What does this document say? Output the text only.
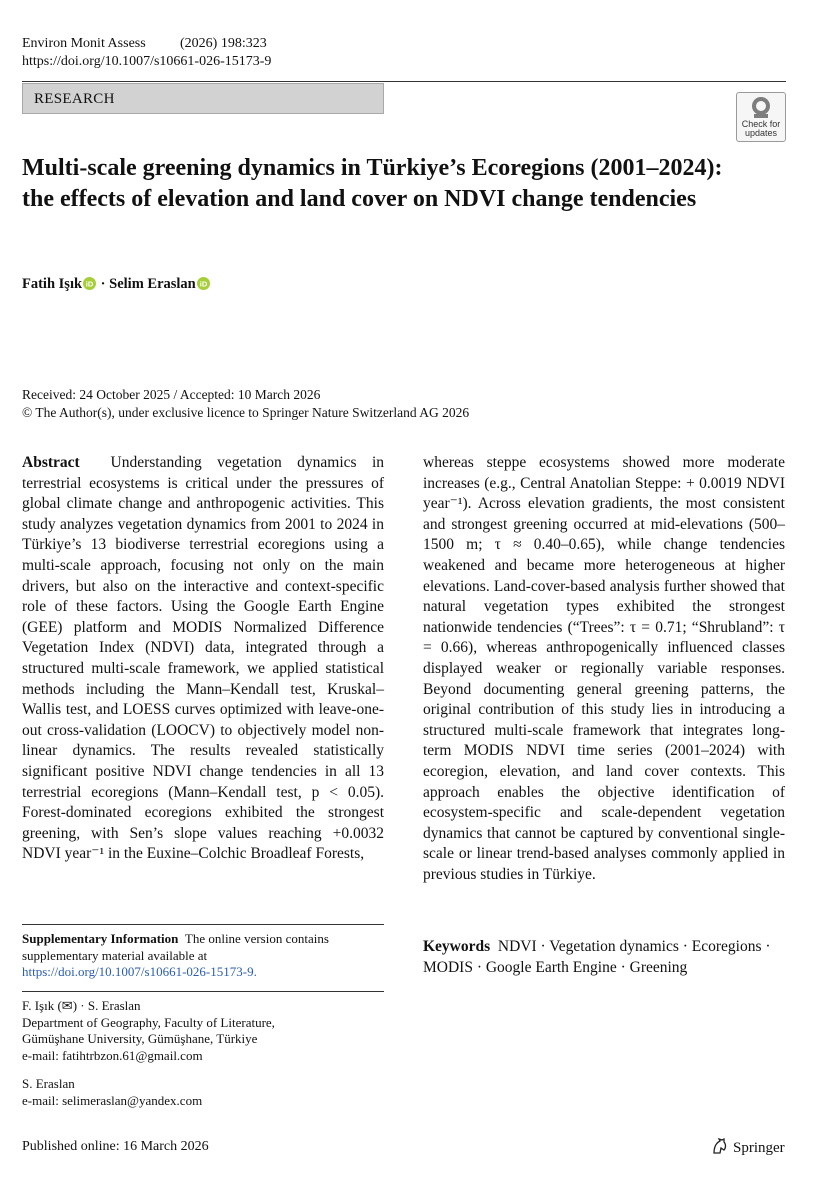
Environ Monit Assess (2026) 198:323
https://doi.org/10.1007/s10661-026-15173-9
RESEARCH
Check for
updates
Multi-scale greening dynamics in Türkiye’s Ecoregions (2001–2024): the effects of elevation and land cover on NDVI change tendencies
Fatih Işık iD · Selim Eraslan iD
Received: 24 October 2025 / Accepted: 10 March 2026
© The Author(s), under exclusive licence to Springer Nature Switzerland AG 2026
Abstract Understanding vegetation dynamics in terrestrial ecosystems is critical under the pressures of global climate change and anthropogenic activities. This study analyzes vegetation dynamics from 2001 to 2024 in Türkiye’s 13 biodiverse terrestrial ecoregions using a multi-scale approach, focusing not only on the main drivers, but also on the interactive and context-specific role of these factors. Using the Google Earth Engine (GEE) platform and MODIS Normalized Difference Vegetation Index (NDVI) data, integrated through a structured multi-scale framework, we applied statistical methods including the Mann–Kendall test, Kruskal–Wallis test, and LOESS curves optimized with leave-one-out cross-validation (LOOCV) to objectively model non-linear dynamics. The results revealed statistically significant positive NDVI change tendencies in all 13 terrestrial ecoregions (Mann–Kendall test, p < 0.05). Forest-dominated ecoregions exhibited the strongest greening, with Sen’s slope values reaching +0.0032 NDVI year⁻¹ in the Euxine–Colchic Broadleaf Forests,
whereas steppe ecosystems showed more moderate increases (e.g., Central Anatolian Steppe: + 0.0019 NDVI year⁻¹). Across elevation gradients, the most consistent and strongest greening occurred at mid-elevations (500–1500 m; τ ≈ 0.40–0.65), while change tendencies weakened and became more heterogeneous at higher elevations. Land-cover-based analysis further showed that natural vegetation types exhibited the strongest nationwide tendencies (“Trees”: τ = 0.71; “Shrubland”: τ = 0.66), whereas anthropogenically influenced classes displayed weaker or regionally variable responses. Beyond documenting general greening patterns, the original contribution of this study lies in introducing a structured multi-scale framework that integrates long-term MODIS NDVI time series (2001–2024) with ecoregion, elevation, and land cover contexts. This approach enables the objective identification of ecosystem-specific and scale-dependent vegetation dynamics that cannot be captured by conventional single-scale or linear trend-based analyses commonly applied in previous studies in Türkiye.
Keywords NDVI · Vegetation dynamics · Ecoregions · MODIS · Google Earth Engine · Greening
Supplementary Information The online version contains supplementary material available at https://doi.org/10.1007/s10661-026-15173-9.
F. Işık (✉) · S. Eraslan
Department of Geography, Faculty of Literature,
Gümüşhane University, Gümüşhane, Türkiye
e-mail: fatihtrbzon.61@gmail.com
S. Eraslan
e-mail: selimeraslan@yandex.com
Published online: 16 March 2026	Springer
